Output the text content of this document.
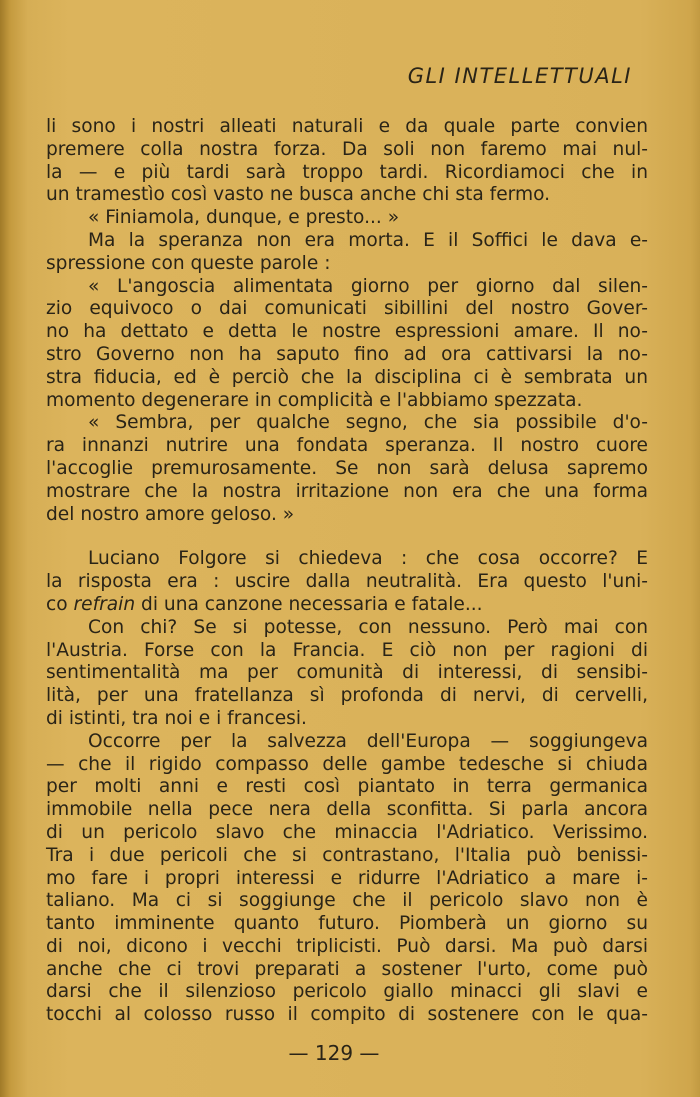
GLI INTELLETTUALI

li sono i nostri alleati naturali e da quale parte convien

premere colla nostra forza. Da soli non faremo mai nul-

la — e più tardi sarà troppo tardi. Ricordiamoci che in

un tramestìo così vasto ne busca anche chi sta fermo.

« Finiamola, dunque, e presto... »

Ma la speranza non era morta. E il Soffici le dava e-

spressione con queste parole :

« L'angoscia alimentata giorno per giorno dal silen-

zio equivoco o dai comunicati sibillini del nostro Gover-

no ha dettato e detta le nostre espressioni amare. Il no-

stro Governo non ha saputo fino ad ora cattivarsi la no-

stra fiducia, ed è perciò che la disciplina ci è sembrata un

momento degenerare in complicità e l'abbiamo spezzata.

« Sembra, per qualche segno, che sia possibile d'o-

ra innanzi nutrire una fondata speranza. Il nostro cuore

l'accoglie premurosamente. Se non sarà delusa sapremo

mostrare che la nostra irritazione non era che una forma

del nostro amore geloso. »

Luciano Folgore si chiedeva : che cosa occorre? E

la risposta era : uscire dalla neutralità. Era questo l'uni-

co refrain di una canzone necessaria e fatale...

Con chi? Se si potesse, con nessuno. Però mai con

l'Austria. Forse con la Francia. E ciò non per ragioni di

sentimentalità ma per comunità di interessi, di sensibi-

lità, per una fratellanza sì profonda di nervi, di cervelli,

di istinti, tra noi e i francesi.

Occorre per la salvezza dell'Europa — soggiungeva

— che il rigido compasso delle gambe tedesche si chiuda

per molti anni e resti così piantato in terra germanica

immobile nella pece nera della sconfitta. Si parla ancora

di un pericolo slavo che minaccia l'Adriatico. Verissimo.

Tra i due pericoli che si contrastano, l'Italia può benissi-

mo fare i propri interessi e ridurre l'Adriatico a mare i-

taliano. Ma ci si soggiunge che il pericolo slavo non è

tanto imminente quanto futuro. Piomberà un giorno su

di noi, dicono i vecchi triplicisti. Può darsi. Ma può darsi

anche che ci trovi preparati a sostener l'urto, come può

darsi che il silenzioso pericolo giallo minacci gli slavi e

tocchi al colosso russo il compito di sostenere con le qua-

— 129 —
